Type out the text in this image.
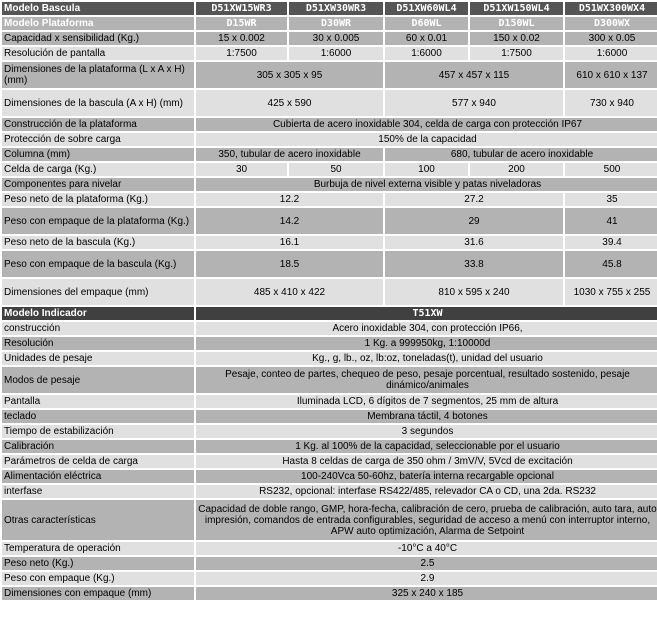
Modelo Bascula	D51XW15WR3	D51XW30WR3	D51XW60WL4	D51XW150WL4	D51WX300WX4
Modelo Plataforma	D15WR	D30WR	D60WL	D150WL	D300WX
Capacidad x sensibilidad (Kg.)	15 x 0.002	30 x 0.005	60 x 0.01	150 x 0.02	300 x 0.05
Resolución de pantalla	1:7500	1:6000	1:6000	1:7500	1:6000
Dimensiones de la plataforma (L x A x H) (mm)	305 x 305 x 95		457 x 457 x 115		610 x 610 x 137
Dimensiones de la bascula (A x H) (mm)	425 x 590		577 x 940		730 x 940
Construcción de la plataforma	Cubierta de acero inoxidable 304, celda de carga con protección IP67				
Protección de sobre carga	150% de la capacidad				
Columna (mm)	350, tubular de acero inoxidable		680, tubular de acero inoxidable		
Celda de carga (Kg.)	30	50	100	200	500
Componentes para nivelar	Burbuja de nivel externa visible y patas niveladoras				
Peso neto de la plataforma (Kg.)	12.2		27.2		35
Peso con empaque de la plataforma (Kg.)	14.2		29		41
Peso neto de la bascula (Kg.)	16.1		31.6		39.4
Peso con empaque de la bascula (Kg.)	18.5		33.8		45.8
Dimensiones del empaque (mm)	485 x 410 x 422		810 x 595 x 240		1030 x 755 x 255
Modelo Indicador	T51XW				
construcción	Acero inoxidable 304, con protección IP66,				
Resolución	1 Kg. a 999950kg, 1:10000d				
Unidades de pesaje	Kg., g, lb., oz, lb:oz, toneladas(t), unidad del usuario				
Modos de pesaje	Pesaje, conteo de partes, chequeo de peso, pesaje porcentual, resultado sostenido, pesaje dinámico/animales				
Pantalla	Iluminada LCD, 6 dígitos de 7 segmentos, 25 mm de altura				
teclado	Membrana táctil, 4 botones				
Tiempo de estabilización	3 segundos				
Calibración	1 Kg. al 100% de la capacidad, seleccionable por el usuario				
Parámetros de celda de carga	Hasta 8 celdas de carga de 350 ohm / 3mV/V, 5Vcd de excitación				
Alimentación eléctrica	100-240Vca 50-60hz, batería interna recargable opcional				
interfase	RS232, opcional: interfase RS422/485, relevador CA o CD, una 2da. RS232				
Otras características	Capacidad de doble rango, GMP, hora-fecha, calibración de cero, prueba de calibración, auto tara, auto impresión, comandos de entrada configurables, seguridad de acceso a menú con interruptor interno, APW auto optimización, Alarma de Setpoint				
Temperatura de operación	-10°C a 40°C				
Peso neto (Kg.)	2.5				
Peso con empaque (Kg.)	2.9				
Dimensiones con empaque (mm)	325 x 240 x 185				
